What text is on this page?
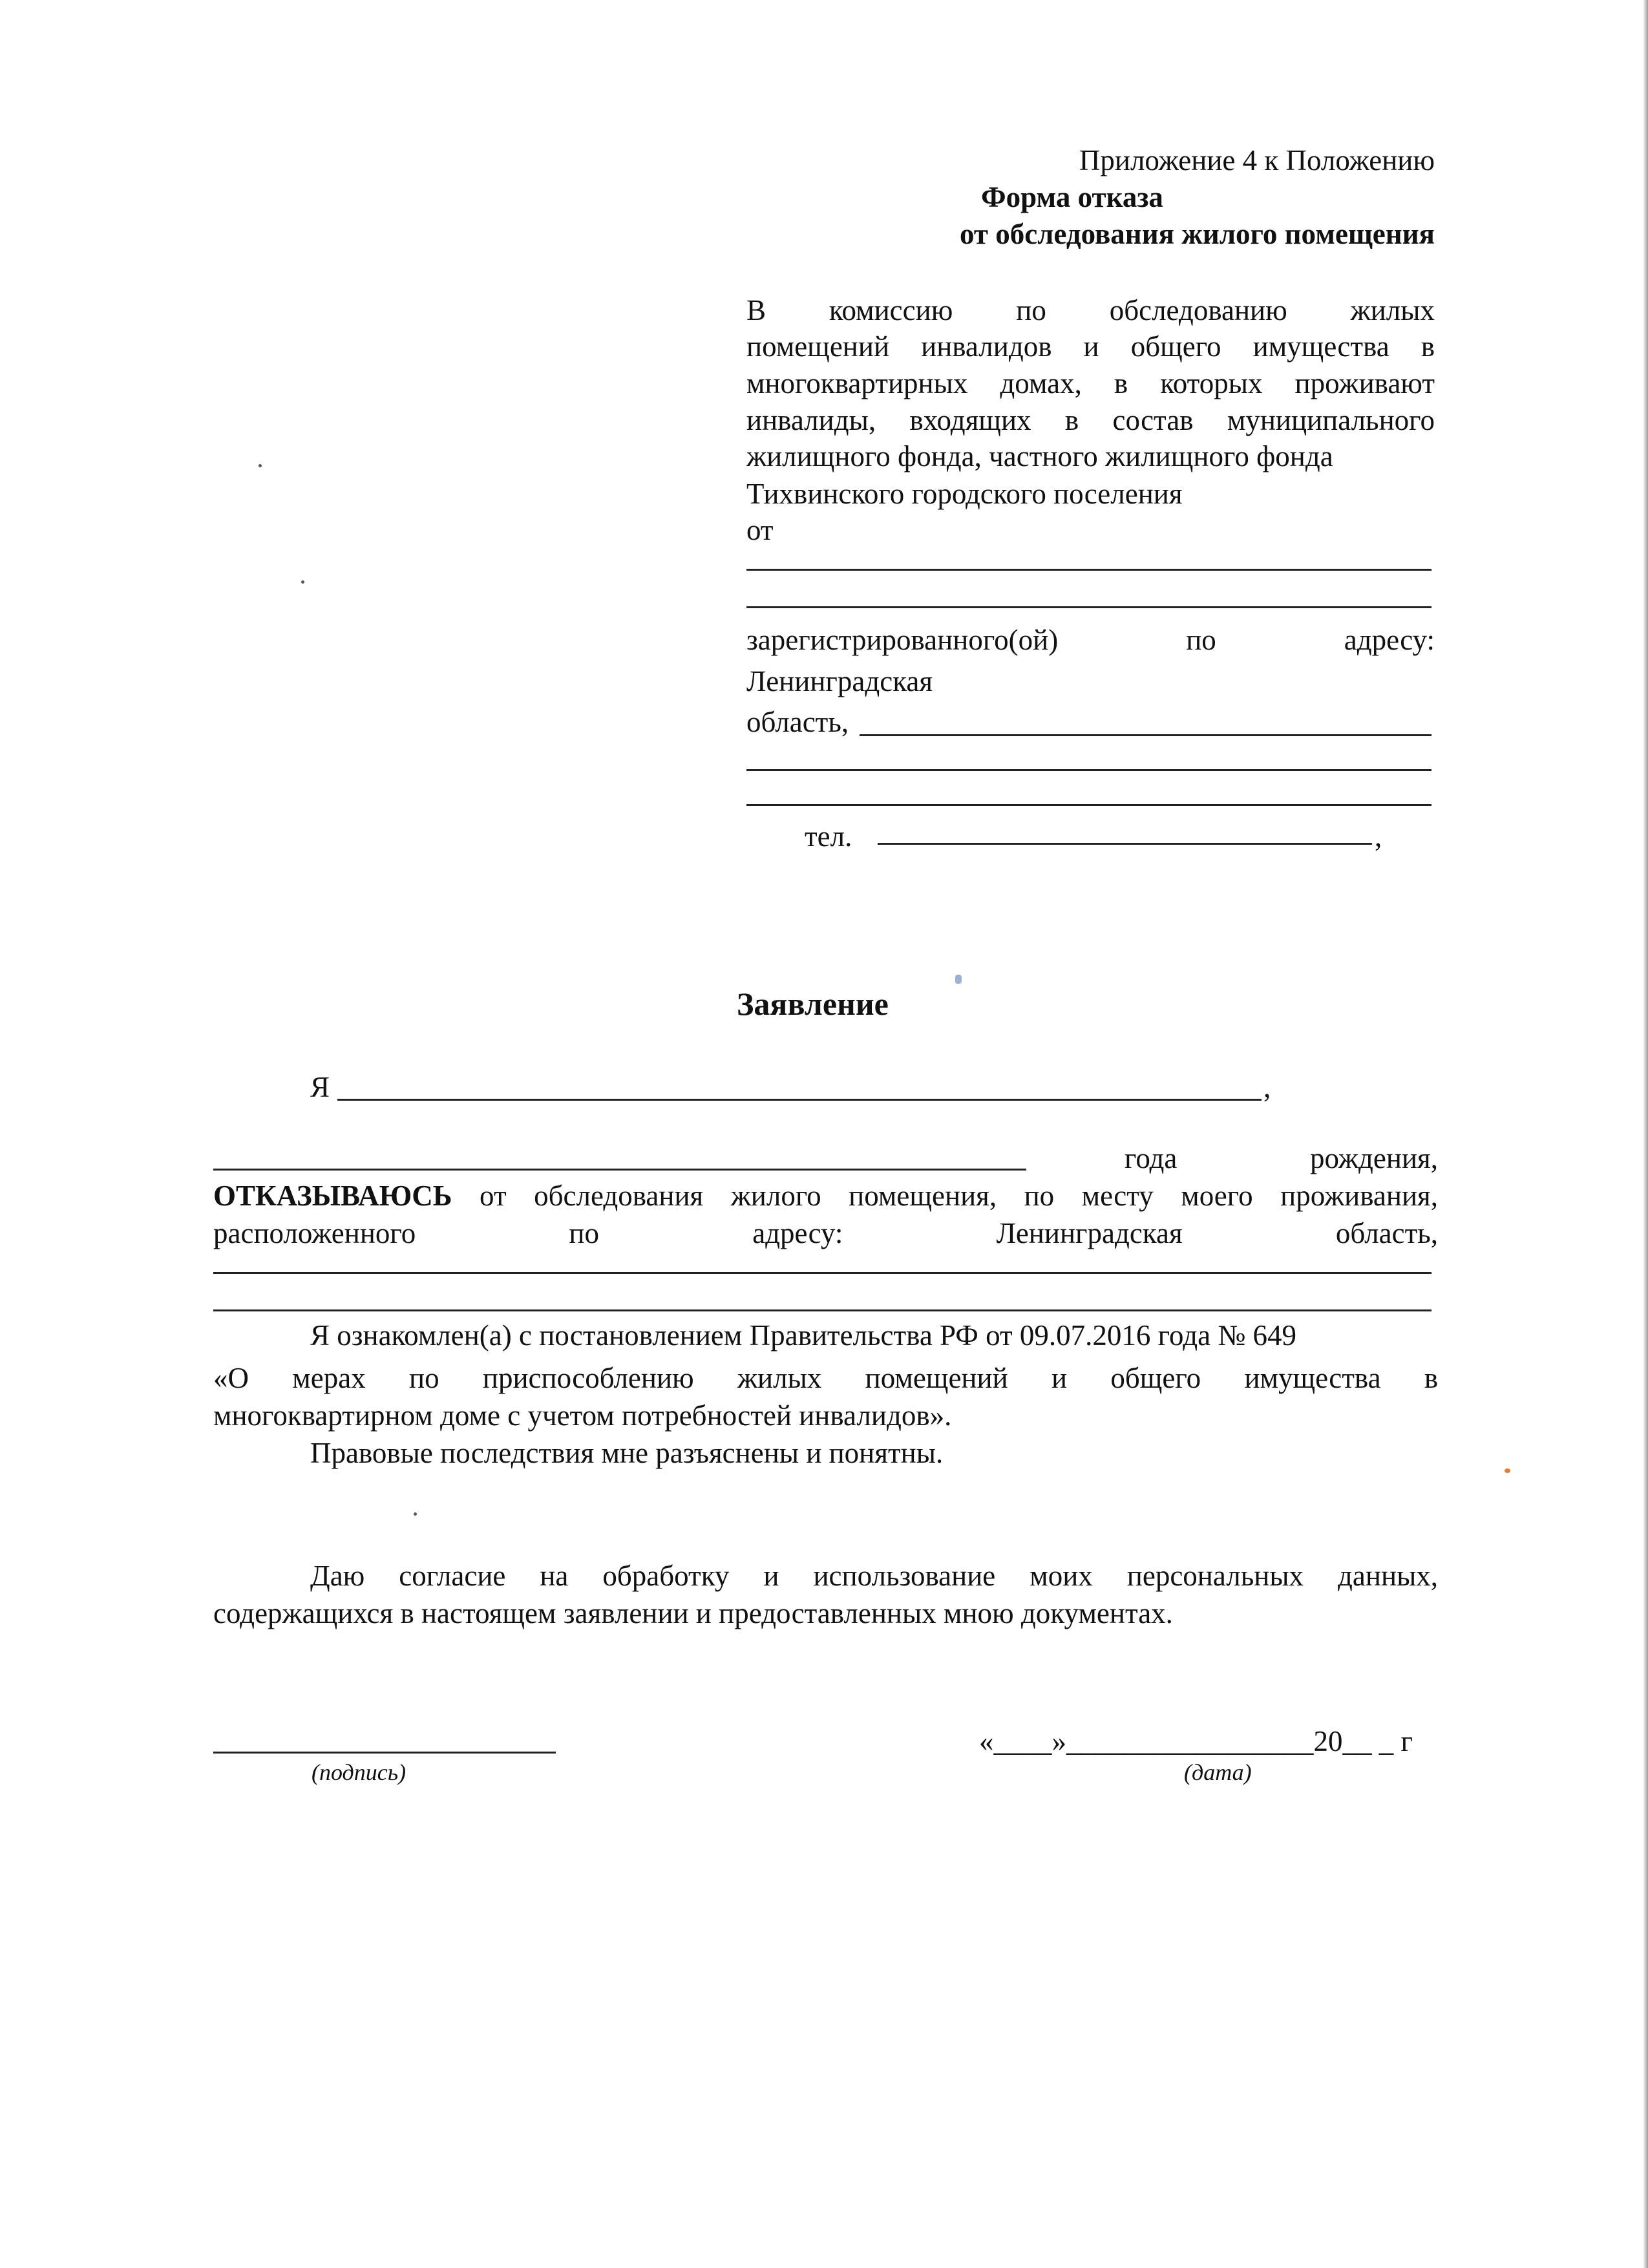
Приложение 4 к Положению
Форма отказа
от обследования жилого помещения
В комиссию по обследованию жилых
помещений инвалидов и общего имущества в
многоквартирных домах, в которых проживают
инвалиды, входящих в состав муниципального
жилищного фонда, частного жилищного фонда
Тихвинского городского поселения
от
зарегистрированного(ой)	по	адресу:
Ленинградская
область,
тел.	,
Заявление
Я	,
года	рождения,
ОТКАЗЫВАЮСЬ от обследования жилого помещения, по месту моего проживания,
расположенного	по	адресу:	Ленинградская	область,
Я ознакомлен(а) с постановлением Правительства РФ от 09.07.2016 года № 649
«О мерах по приспособлению жилых помещений и общего имущества в
многоквартирном доме с учетом потребностей инвалидов».
Правовые последствия мне разъяснены и понятны.
Даю согласие на обработку и использование моих персональных данных,
содержащихся в настоящем заявлении и предоставленных мною документах.
(подпись)
«____»_________________20__ _ г
(дата)
